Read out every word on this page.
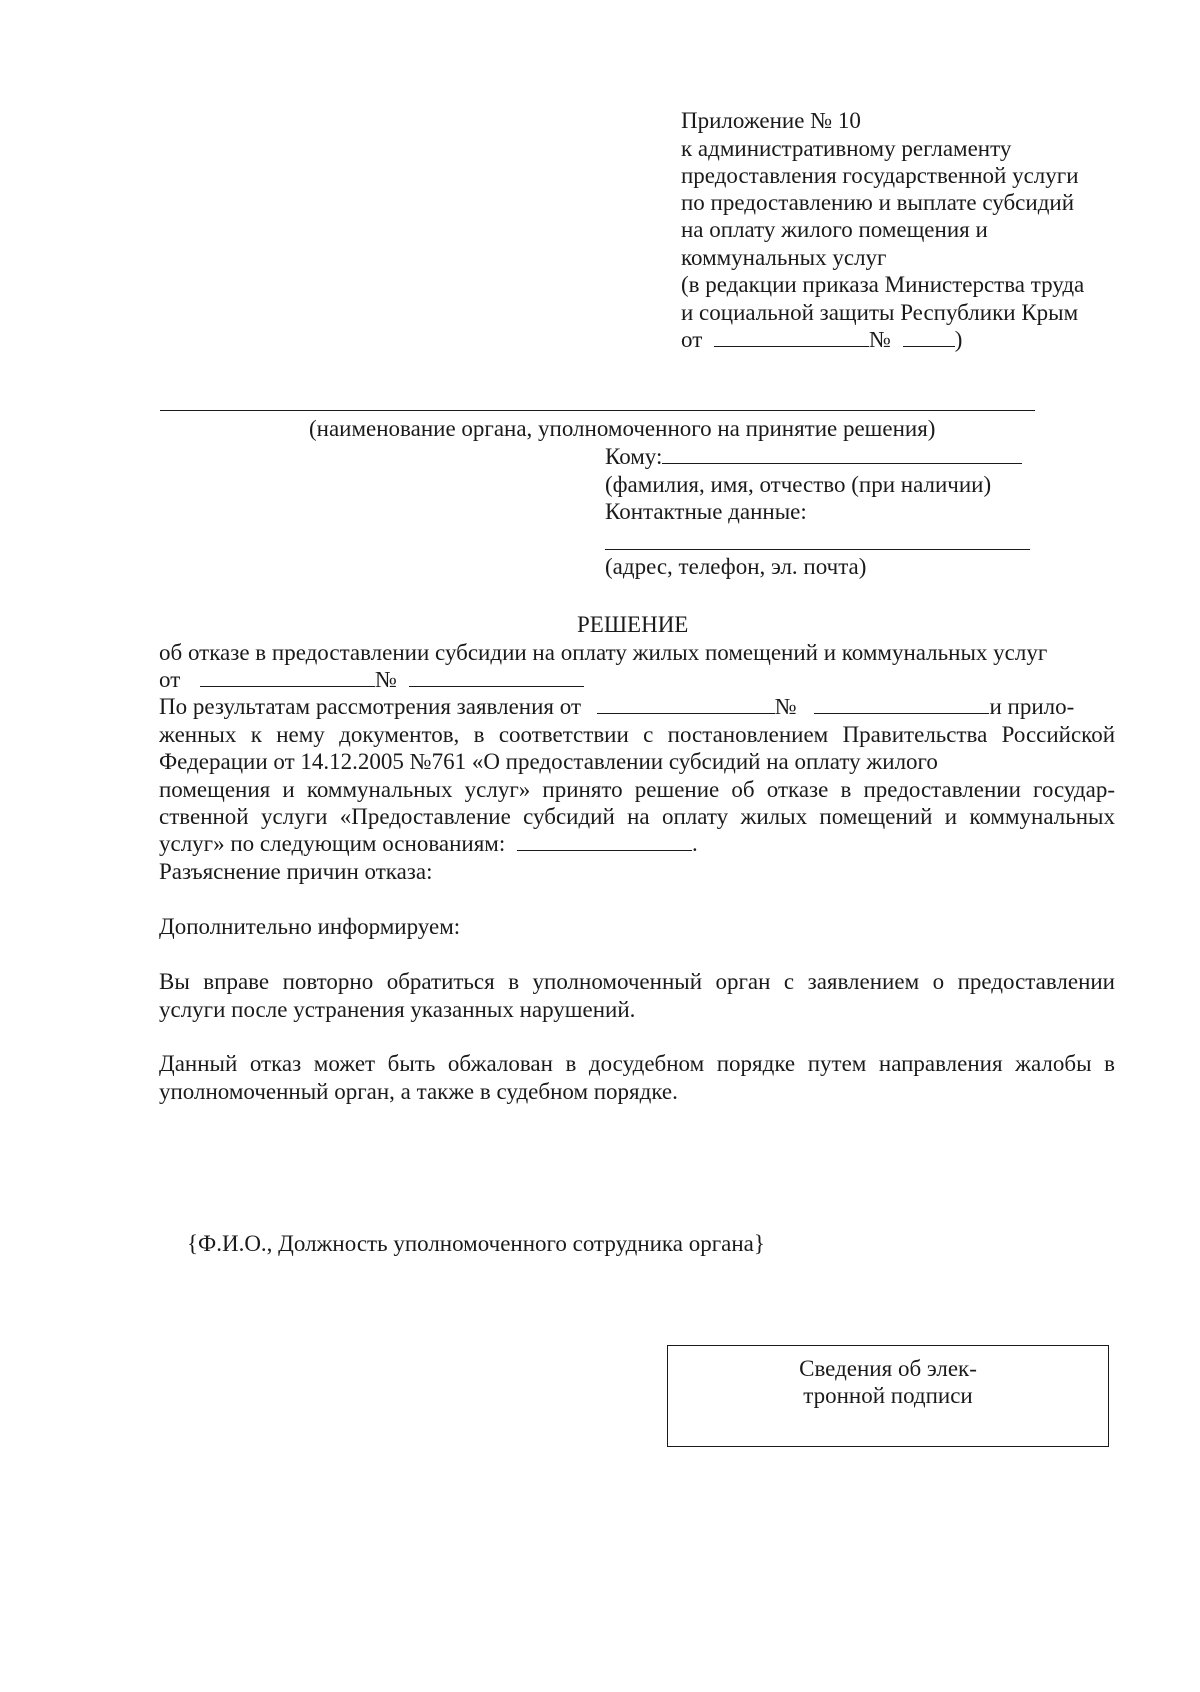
Приложение № 10
к административному регламенту
предоставления государственной услуги
по предоставлению и выплате субсидий
на оплату жилого помещения и
коммунальных услуг
(в редакции приказа Министерства труда
и социальной защиты Республики Крым
от	№	)
(наименование органа, уполномоченного на принятие решения)
Кому:
(фамилия, имя, отчество (при наличии)
Контактные данные:
(адрес, телефон, эл. почта)
РЕШЕНИЕ
об отказе в предоставлении субсидии на оплату жилых помещений и коммунальных услуг
от	№
По результатам рассмотрения заявления от	№	и прило-
женных к нему документов, в соответствии с постановлением Правительства Российской
Федерации от 14.12.2005 №761 «О предоставлении субсидий на оплату жилого
помещения и коммунальных услуг» принято решение об отказе в предоставлении государ-
ственной услуги «Предоставление субсидий на оплату жилых помещений и коммунальных
услуг» по следующим основаниям:	.
Разъяснение причин отказа:
Дополнительно информируем:
Вы вправе повторно обратиться в уполномоченный орган с заявлением о предоставлении
услуги после устранения указанных нарушений.
Данный отказ может быть обжалован в досудебном порядке путем направления жалобы в
уполномоченный орган, а также в судебном порядке.
{Ф.И.О., Должность уполномоченного сотрудника органа}
Сведения об элек-
тронной подписи
